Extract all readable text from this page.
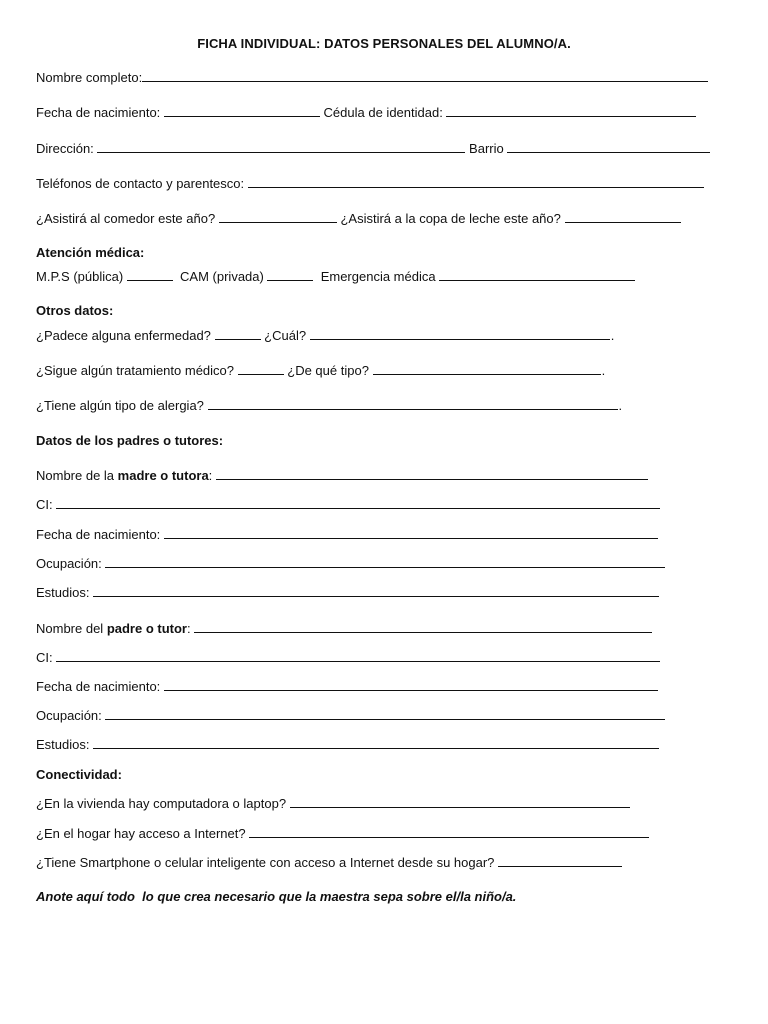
FICHA INDIVIDUAL: DATOS PERSONALES DEL ALUMNO/A.
Nombre completo:
Fecha de nacimiento:	Cédula de identidad:
Dirección:	Barrio
Teléfonos de contacto y parentesco:
¿Asistirá al comedor este año?	¿Asistirá a la copa de leche este año?
Atención médica:
M.P.S (pública)	CAM (privada)	Emergencia médica
Otros datos:
¿Padece alguna enfermedad?	¿Cuál?	.
¿Sigue algún tratamiento médico?	¿De qué tipo?	.
¿Tiene algún tipo de alergia?	.
Datos de los padres o tutores:
Nombre de la madre o tutora:
CI:
Fecha de nacimiento:
Ocupación:
Estudios:
Nombre del padre o tutor:
CI:
Fecha de nacimiento:
Ocupación:
Estudios:
Conectividad:
¿En la vivienda hay computadora o laptop?
¿En el hogar hay acceso a Internet?
¿Tiene Smartphone o celular inteligente con acceso a Internet desde su hogar?
Anote aquí todo  lo que crea necesario que la maestra sepa sobre el/la niño/a.
